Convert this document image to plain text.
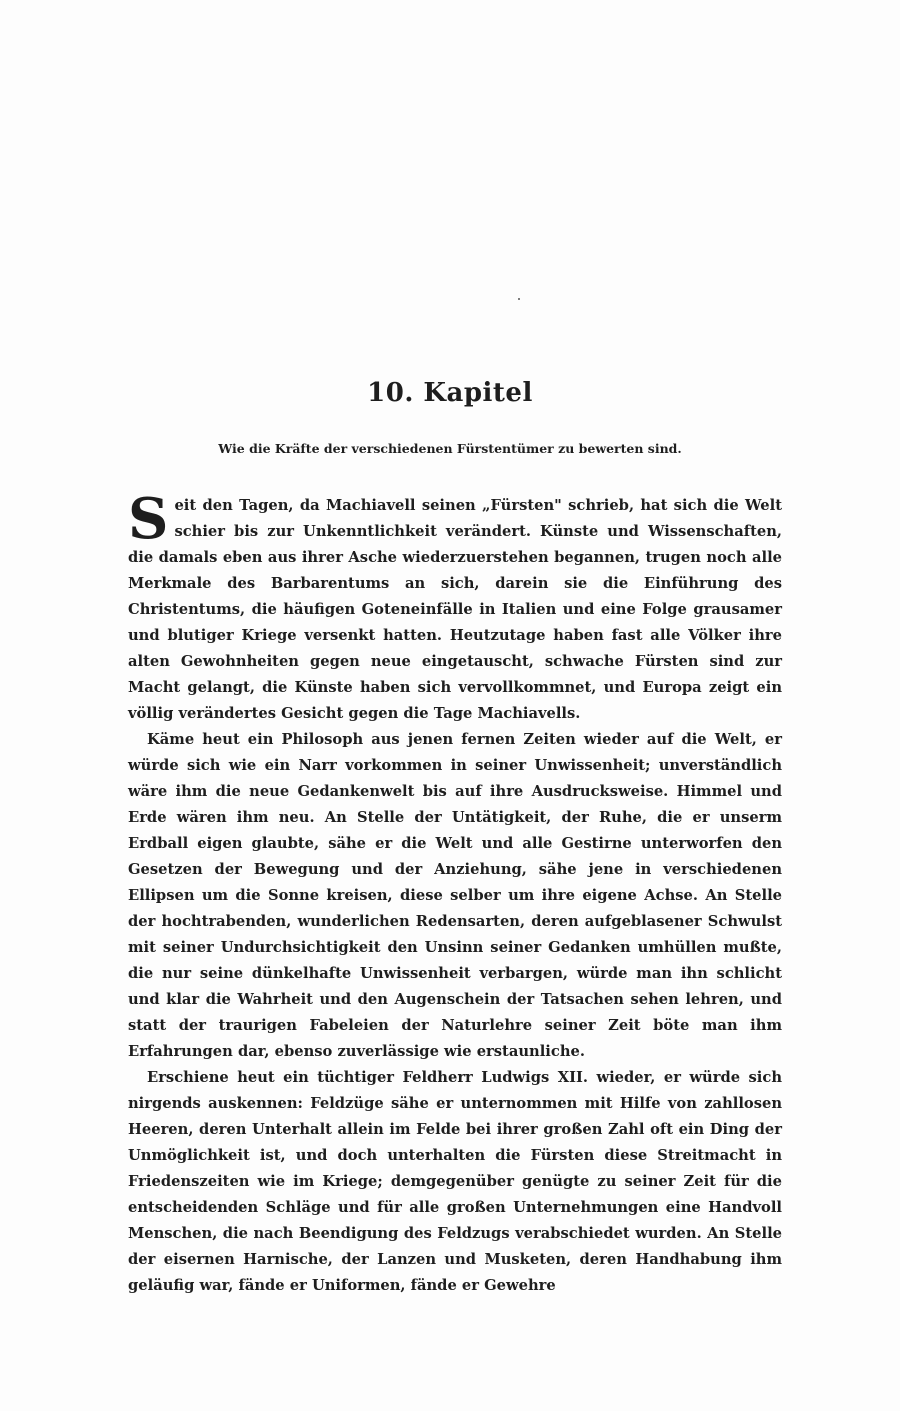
10. Kapitel
Wie die Kräfte der verschiedenen Fürstentümer zu bewerten sind.

Seit den Tagen, da Machiavell seinen „Fürsten" schrieb, hat sich die Welt schier bis zur Unkenntlichkeit verändert. Künste und Wissenschaften, die damals eben aus ihrer Asche wiederzuerstehen begannen, trugen noch alle Merkmale des Barbarentums an sich, darein sie die Einführung des Christentums, die häufigen Goteneinfälle in Italien und eine Folge grausamer und blutiger Kriege versenkt hatten. Heutzutage haben fast alle Völker ihre alten Gewohnheiten gegen neue eingetauscht, schwache Fürsten sind zur Macht gelangt, die Künste haben sich vervollkommnet, und Europa zeigt ein völlig verändertes Gesicht gegen die Tage Machiavells.

Käme heut ein Philosoph aus jenen fernen Zeiten wieder auf die Welt, er würde sich wie ein Narr vorkommen in seiner Unwissenheit; unverständlich wäre ihm die neue Gedankenwelt bis auf ihre Ausdrucksweise. Himmel und Erde wären ihm neu. An Stelle der Untätigkeit, der Ruhe, die er unserm Erdball eigen glaubte, sähe er die Welt und alle Gestirne unterworfen den Gesetzen der Bewegung und der Anziehung, sähe jene in verschiedenen Ellipsen um die Sonne kreisen, diese selber um ihre eigene Achse. An Stelle der hochtrabenden, wunderlichen Redensarten, deren aufgeblasener Schwulst mit seiner Undurchsichtigkeit den Unsinn seiner Gedanken umhüllen mußte, die nur seine dünkelhafte Unwissenheit verbargen, würde man ihn schlicht und klar die Wahrheit und den Augenschein der Tatsachen sehen lehren, und statt der traurigen Fabeleien der Naturlehre seiner Zeit böte man ihm Erfahrungen dar, ebenso zuverlässige wie erstaunliche.

Erschiene heut ein tüchtiger Feldherr Ludwigs XII. wieder, er würde sich nirgends auskennen: Feldzüge sähe er unternommen mit Hilfe von zahllosen Heeren, deren Unterhalt allein im Felde bei ihrer großen Zahl oft ein Ding der Unmöglichkeit ist, und doch unterhalten die Fürsten diese Streitmacht in Friedenszeiten wie im Kriege; demgegenüber genügte zu seiner Zeit für die entscheidenden Schläge und für alle großen Unternehmungen eine Handvoll Menschen, die nach Beendigung des Feldzugs verabschiedet wurden. An Stelle der eisernen Harnische, der Lanzen und Musketen, deren Handhabung ihm geläufig war, fände er Uniformen, fände er Gewehre
